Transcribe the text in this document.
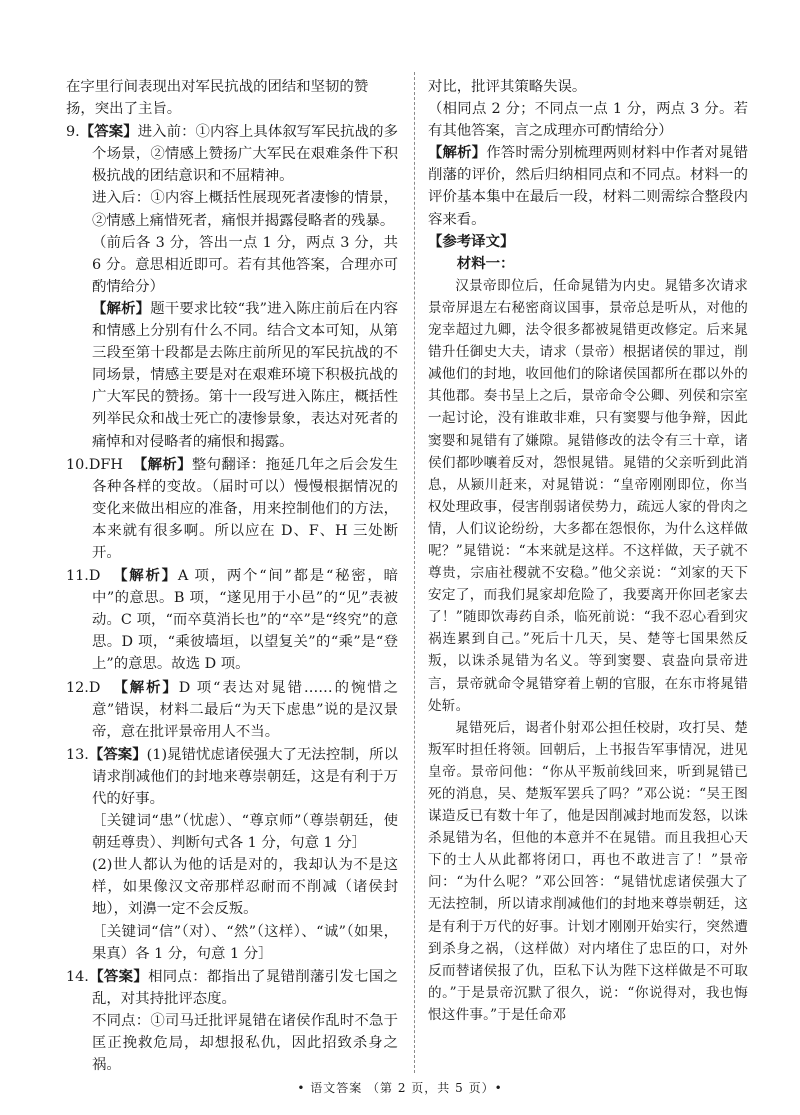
在字里行间表现出对军民抗战的团结和坚韧的赞
扬，突出了主旨。

9.【答案】进入前：①内容上具体叙写军民抗战的多个场景，②情感上赞扬广大军民在艰难条件下积极抗战的团结意识和不屈精神。

进入后：①内容上概括性展现死者凄惨的情景，②情感上痛惜死者，痛恨并揭露侵略者的残暴。

（前后各 3 分，答出一点 1 分，两点 3 分，共 6 分。意思相近即可。若有其他答案，合理亦可酌情给分）

【解析】题干要求比较“我”进入陈庄前后在内容和情感上分别有什么不同。结合文本可知，从第三段至第十段都是去陈庄前所见的军民抗战的不同场景，情感主要是对在艰难环境下积极抗战的广大军民的赞扬。第十一段写进入陈庄，概括性列举民众和战士死亡的凄惨景象，表达对死者的痛悼和对侵略者的痛恨和揭露。

10.DFH 【解析】整句翻译：拖延几年之后会发生各种各样的变故。（届时可以）慢慢根据情况的变化来做出相应的准备，用来控制他们的方法，本来就有很多啊。所以应在 D、F、H 三处断开。

11.D 【解析】A 项，两个“间”都是“秘密，暗中”的意思。B 项，“遂见用于小邑”的“见”表被动。C 项，“而卒莫消长也”的“卒”是“终究”的意思。D 项，“乘彼墙垣，以望复关”的“乘”是“登上”的意思。故选 D 项。

12.D 【解析】D 项“表达对晁错……的惋惜之意”错误，材料二最后“为天下虑患”说的是汉景帝，意在批评景帝用人不当。

13.【答案】(1)晁错忧虑诸侯强大了无法控制，所以请求削减他们的封地来尊崇朝廷，这是有利于万代的好事。

［关键词“患”（忧虑）、“尊京师”（尊崇朝廷，使朝廷尊贵）、判断句式各 1 分，句意 1 分］

(2)世人都认为他的话是对的，我却认为不是这样，如果像汉文帝那样忍耐而不削减（诸侯封地），刘濞一定不会反叛。

［关键词“信”（对）、“然”（这样）、“诚”（如果，果真）各 1 分，句意 1 分］

14.【答案】相同点：都指出了晁错削藩引发七国之乱，对其持批评态度。

不同点：①司马迁批评晁错在诸侯作乱时不急于匡正挽救危局，却想报私仇，因此招致杀身之祸。

对比，批评其策略失误。

（相同点 2 分；不同点一点 1 分，两点 3 分。若有其他答案，言之成理亦可酌情给分）

【解析】作答时需分别梳理两则材料中作者对晁错削藩的评价，然后归纳相同点和不同点。材料一的评价基本集中在最后一段，材料二则需综合整段内容来看。

【参考译文】

材料一：

汉景帝即位后，任命晁错为内史。晁错多次请求景帝屏退左右秘密商议国事，景帝总是听从，对他的宠幸超过九卿，法令很多都被晁错更改修定。后来晁错升任御史大夫，请求（景帝）根据诸侯的罪过，削减他们的封地，收回他们的除诸侯国都所在郡以外的其他郡。奏书呈上之后，景帝命令公卿、列侯和宗室一起讨论，没有谁敢非难，只有窦婴与他争辩，因此窦婴和晁错有了嫌隙。晁错修改的法令有三十章，诸侯们都吵嚷着反对，怨恨晁错。晁错的父亲听到此消息，从颍川赶来，对晁错说：“皇帝刚刚即位，你当权处理政事，侵害削弱诸侯势力，疏远人家的骨肉之情，人们议论纷纷，大多都在怨恨你，为什么这样做呢？”晁错说：“本来就是这样。不这样做，天子就不尊贵，宗庙社稷就不安稳。”他父亲说：“刘家的天下安定了，而我们晁家却危险了，我要离开你回老家去了！”随即饮毒药自杀，临死前说：“我不忍心看到灾祸连累到自己。”死后十几天，吴、楚等七国果然反叛，以诛杀晁错为名义。等到窦婴、袁盎向景帝进言，景帝就命令晁错穿着上朝的官服，在东市将晁错处斩。

晁错死后，谒者仆射邓公担任校尉，攻打吴、楚叛军时担任将领。回朝后，上书报告军事情况，进见皇帝。景帝问他：“你从平叛前线回来，听到晁错已死的消息，吴、楚叛军罢兵了吗？”邓公说：“吴王图谋造反已有数十年了，他是因削减封地而发怒，以诛杀晁错为名，但他的本意并不在晁错。而且我担心天下的士人从此都将闭口，再也不敢进言了！”景帝问：“为什么呢？”邓公回答：“晁错忧虑诸侯强大了无法控制，所以请求削减他们的封地来尊崇朝廷，这是有利于万代的好事。计划才刚刚开始实行，突然遭到杀身之祸，（这样做）对内堵住了忠臣的口，对外反而替诸侯报了仇，臣私下认为陛下这样做是不可取的。”于是景帝沉默了很久，说：“你说得对，我也悔恨这件事。”于是任命邓

• 语文答案 （第 2 页，共 5 页）•
